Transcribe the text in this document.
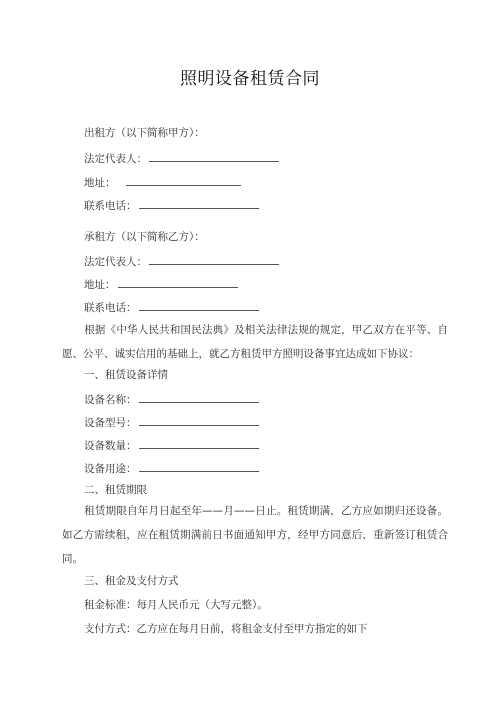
照明设备租赁合同
出租方（以下简称甲方）：
法定代表人：
地址：
联系电话：
承租方（以下简称乙方）：
法定代表人：
地址：
联系电话：
根据《中华人民共和国民法典》及相关法律法规的规定，甲乙双方在平等、自愿、公平、诚实信用的基础上，就乙方租赁甲方照明设备事宜达成如下协议：
一、租赁设备详情
设备名称：
设备型号：
设备数量：
设备用途：
二、租赁期限
租赁期限自年月日起至年——月——日止。租赁期满，乙方应如期归还设备。如乙方需续租，应在租赁期满前日书面通知甲方，经甲方同意后，重新签订租赁合同。
三、租金及支付方式
租金标准：每月人民币元（大写元整）。
支付方式：乙方应在每月日前，将租金支付至甲方指定的如下
